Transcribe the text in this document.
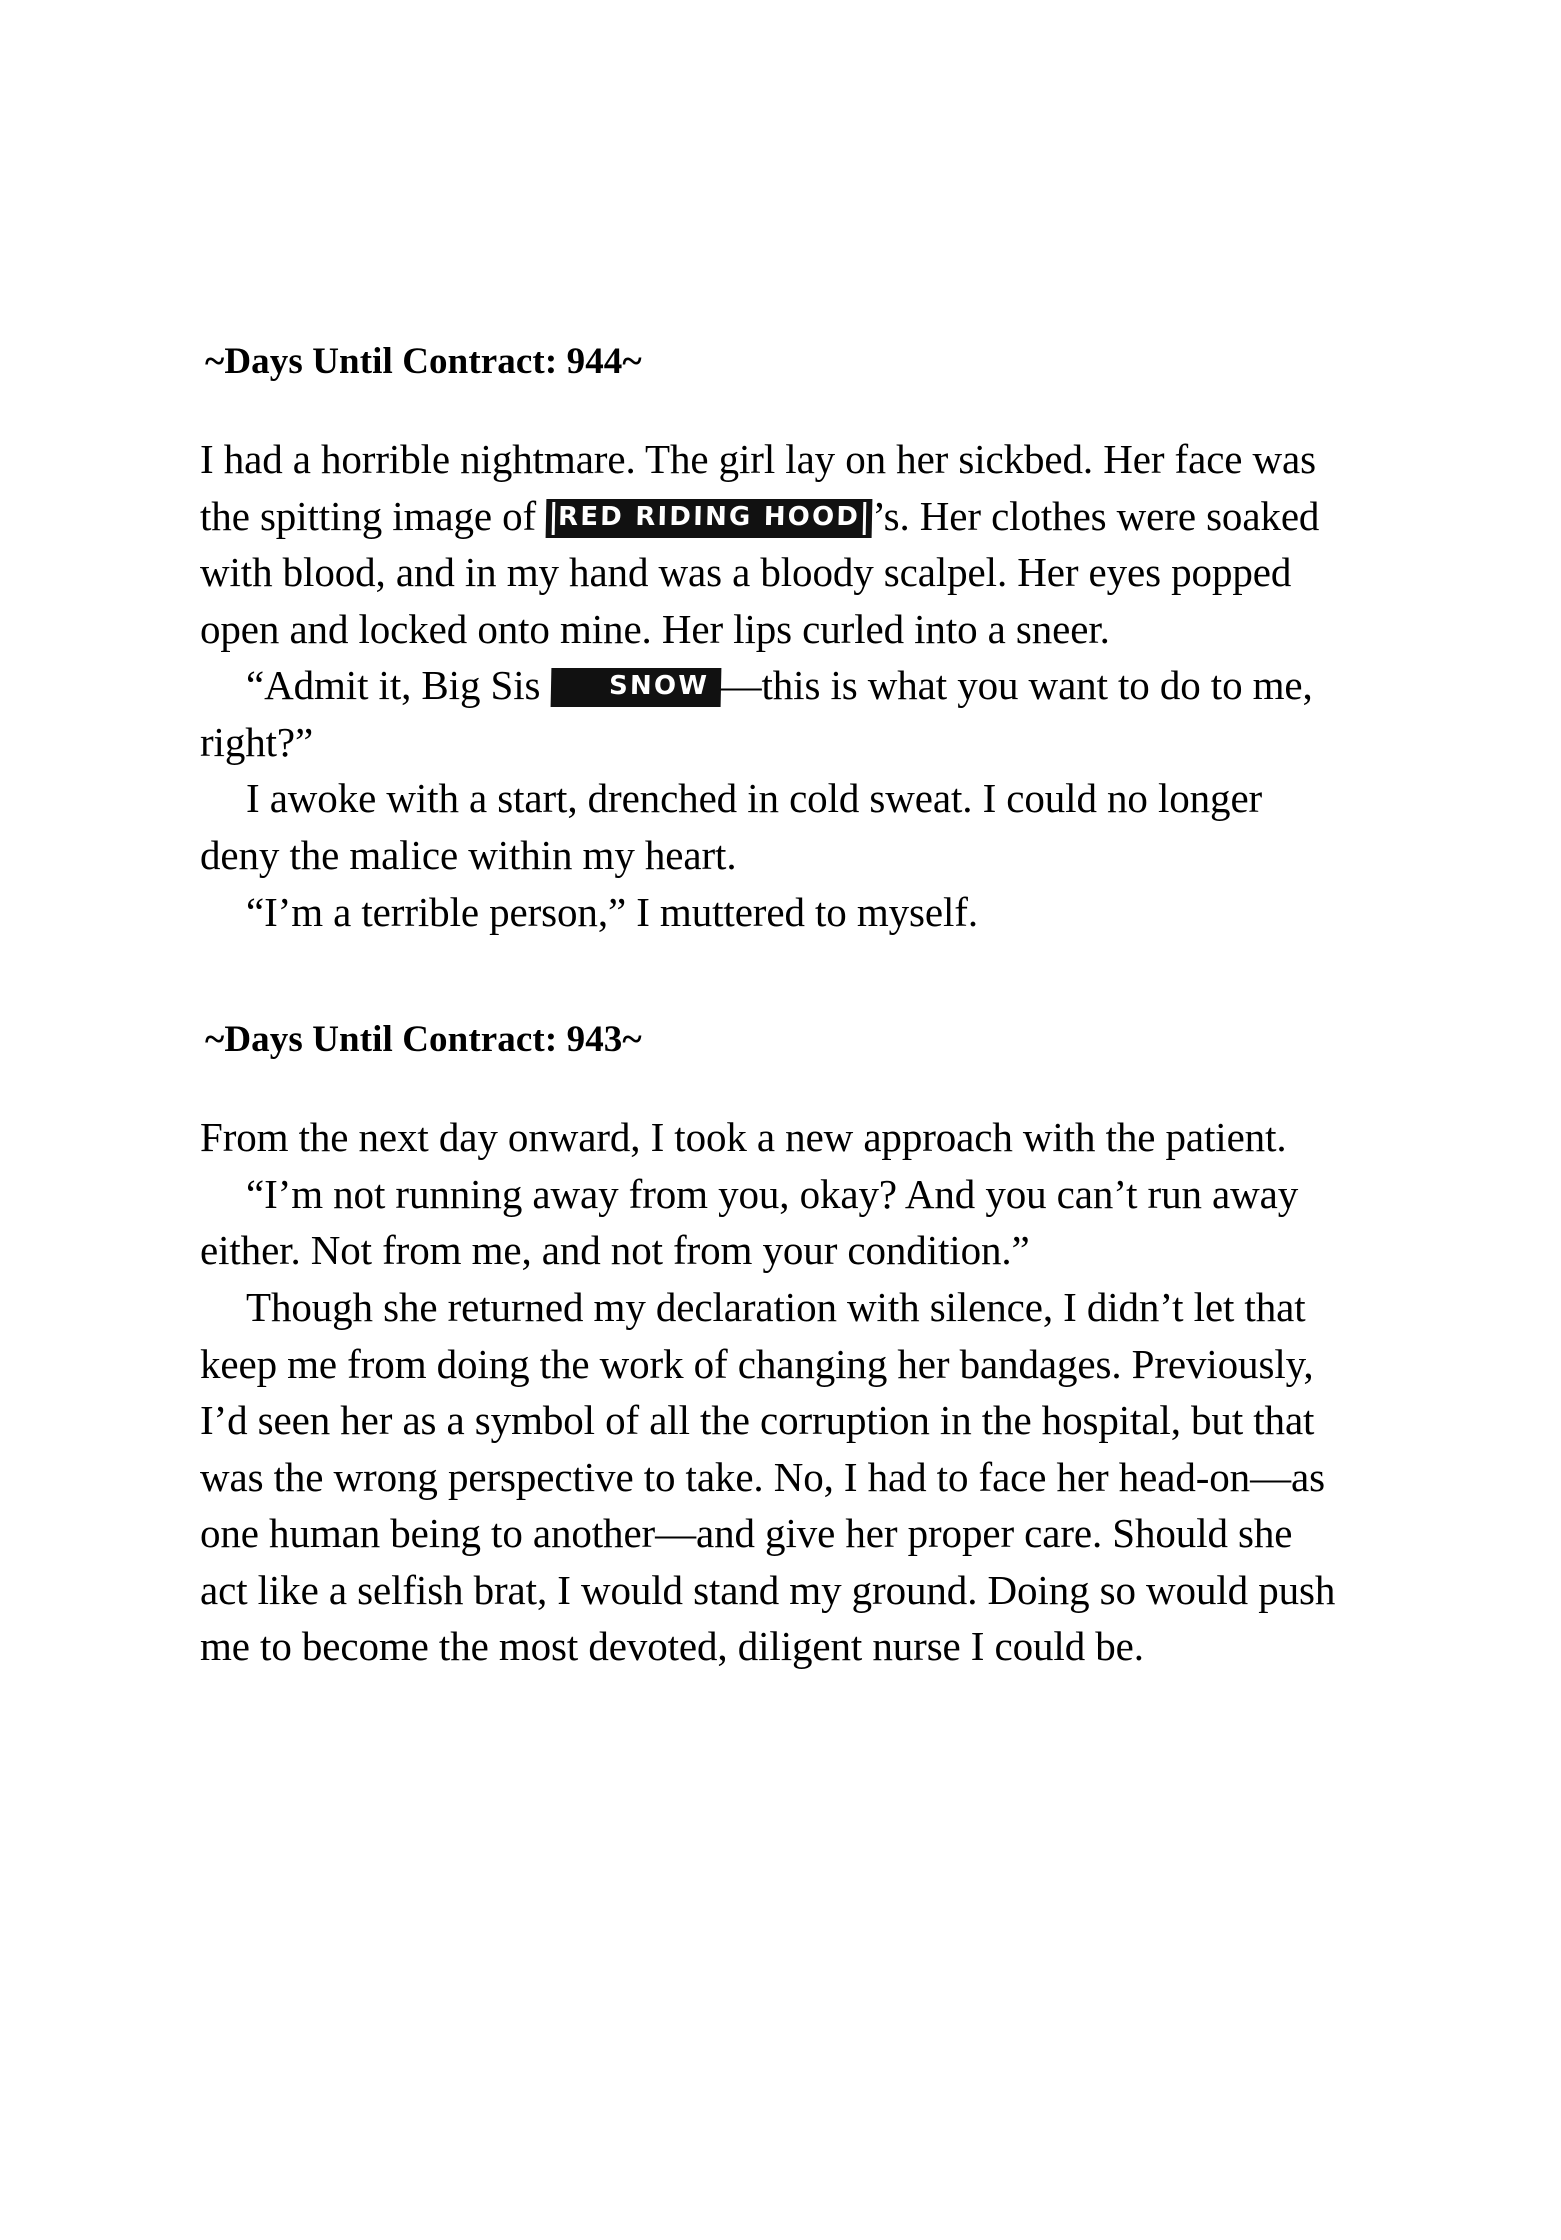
~Days Until Contract: 944~

I had a horrible nightmare. The girl lay on her sickbed. Her face was the spitting image of RED RIDING HOOD ’s. Her clothes were soaked with blood, and in my hand was a bloody scalpel. Her eyes popped open and locked onto mine. Her lips curled into a sneer.

“Admit it, Big Sis SNOW —this is what you want to do to me, right?”

I awoke with a start, drenched in cold sweat. I could no longer deny the malice within my heart.

“I’m a terrible person,” I muttered to myself.

~Days Until Contract: 943~

From the next day onward, I took a new approach with the patient.

“I’m not running away from you, okay? And you can’t run away either. Not from me, and not from your condition.”

Though she returned my declaration with silence, I didn’t let that keep me from doing the work of changing her bandages. Previously, I’d seen her as a symbol of all the corruption in the hospital, but that was the wrong perspective to take. No, I had to face her head-on—as one human being to another—and give her proper care. Should she act like a selfish brat, I would stand my ground. Doing so would push me to become the most devoted, diligent nurse I could be.
